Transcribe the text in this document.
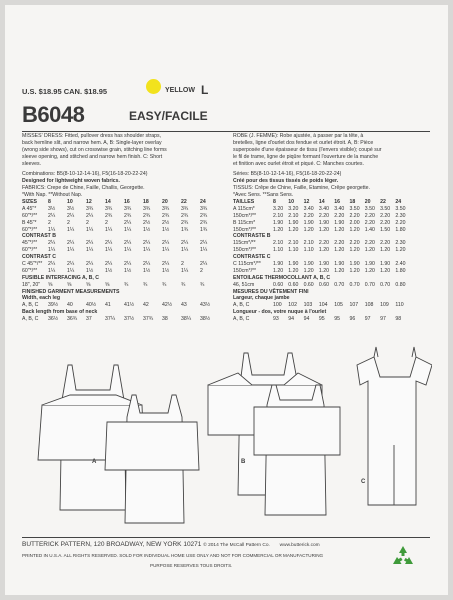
U.S. $18.95 CAN. $18.95	YELLOW L
B6048	EASY/FACILE
MISSES' DRESS: Fitted, pullover dress has shoulder straps,
back hemline slit, and narrow hem. A, B: Single-layer overlay
(wrong side shows), cut on crosswise grain, stitching line forms
sleeve opening, and stitched and narrow hem finish. C: Short
sleeves.
Combinations: B5(8-10-12-14-16), F5(16-18-20-22-24)
Designed for lightweight woven fabrics.
FABRICS: Crepe de Chine, Faille, Challis, Georgette.
*With Nap. **Without Nap.
SIZES	8	10	12	14	16	18	20	22	24
A 45"*	3½	3½	3¾	3¾	3¾	3¾	3¾	3¾	3¾
60"*/**	2¼	2¼	2¼	2¾	2¾	2¾	2¾	2¾	2¾
B 45"*	2	2	2	2	2¼	2½	2½	2¾	2¾
60"*/**	1¼	1¼	1¼	1¼	1¼	1½	1½	1¾	1¾
CONTRAST B
45"*/**	2¼	2¼	2¼	2¼	2¼	2¼	2¼	2¼	2¼
60"*/**	1¼	1¼	1¼	1¼	1¼	1¼	1¼	1¼	1¼
CONTRAST C
C 45"*/**	2¼	2¼	2¼	2¼	2¼	2¼	2¼	2	2¼
60"*/**	1¼	1¼	1½	1½	1½	1½	1½	1¼	2
FUSIBLE INTERFACING A, B, C
18", 20"	⅝	⅝	⅝	⅝	¾	¾	¾	¾	¾
FINISHED GARMENT MEASUREMENTS
Width, each leg
A, B, C	39½	40	40½	41	41½	42	42½	43	43½
Back length from base of neck
A, B, C	36½	36¾	37	37¼	37½	37¾	38	38¼	38½
ROBE (J. FEMME): Robe ajustée, à passer par la tête, à
bretelles, ligne d'ourlet dos fendue et ourlet étroit. A, B: Pièce
superposée d'une épaisseur de tissu (l'envers visible); coupé sur
le fil de trame, ligne de piqûre formant l'ouverture de la manche
et finition avec ourlet étroit et piqué. C: Manches courtes.
Séries: B5(8-10-12-14-16), F5(16-18-20-22-24)
Créé pour des tissus tissés de poids léger.
TISSUS: Crêpe de Chine, Faille, Etamine, Crêpe georgette.
*Avec Sens. **Sans Sens.
TAILLES	8	10	12	14	16	18	20	22	24
A 115cm*	3.20 3.20 3.40 3.40 3.40 3.50 3.50 3.50 3.50
150cm*/**	2.10 2.10 2.20 2.20 2.20 2.20 2.20 2.20 2.30
B 115cm*	1.90 1.90 1.90 1.90 1.90 2.00 2.20 2.20 2.20
150cm*/**	1.20 1.20 1.20 1.20 1.20 1.20 1.40 1.50 1.80
CONTRASTE B
115cm*/**	2.10 2.10 2.10 2.20 2.20 2.20 2.20 2.20 2.30
150cm*/**	1.10 1.10 1.10 1.20 1.20 1.20 1.20 1.20 1.20
CONTRASTE C
C 115cm*/**	1.90 1.90 1.90 1.90 1.90 1.90 1.90 1.90 2.40
150cm*/**	1.20 1.20 1.20 1.20 1.20 1.20 1.20 1.20 1.80
ENTOILAGE THERMOCOLLANT A, B, C
46, 51cm	0.60 0.60 0.60 0.60 0.70 0.70 0.70 0.70 0.80
MESURES DU VÊTEMENT FINI
Largeur, chaque jambe
A, B, C	100	102	103	104	105	107	108	109	110
Longueur - dos, votre nuque à l'ourlet
A, B, C	93	94	94	95	95	96	97	97	98
A	B
C
BUTTERICK PATTERN, 120 BROADWAY, NEW YORK 10271 © 2014 The McCall Pattern Co. www.butterick.com
PRINTED IN U.S.A. ALL RIGHTS RESERVED. SOLD FOR INDIVIDUAL HOME USE ONLY AND NOT FOR COMMERCIAL OR MANUFACTURING
PURPOSE RESERVES TOUS DROITS.
